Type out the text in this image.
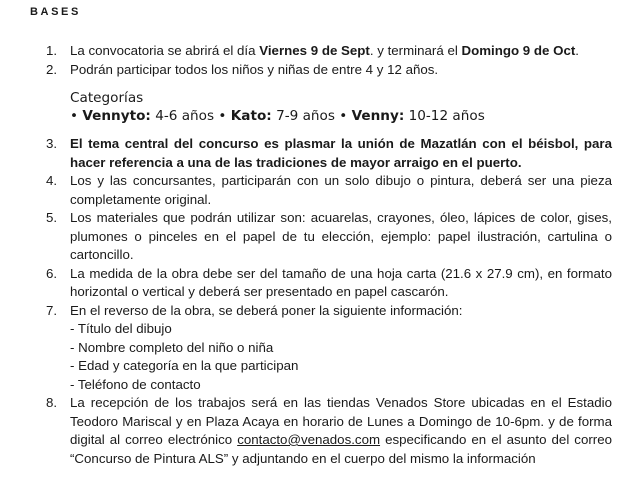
BASES
1. La convocatoria se abrirá el día Viernes 9 de Sept. y terminará el Domingo 9 de Oct.
2. Podrán participar todos los niños y niñas de entre 4 y 12 años.
Categorías
• Vennyto: 4-6 años • Kato: 7-9 años • Venny: 10-12 años
3. El tema central del concurso es plasmar la unión de Mazatlán con el béisbol, para hacer referencia a una de las tradiciones de mayor arraigo en el puerto.
4. Los y las concursantes, participarán con un solo dibujo o pintura, deberá ser una pieza completamente original.
5. Los materiales que podrán utilizar son: acuarelas, crayones, óleo, lápices de color, gises, plumones o pinceles en el papel de tu elección, ejemplo: papel ilustración, cartulina o cartoncillo.
6. La medida de la obra debe ser del tamaño de una hoja carta (21.6 x 27.9 cm), en formato horizontal o vertical y deberá ser presentado en papel cascarón.
7. En el reverso de la obra, se deberá poner la siguiente información:
- Título del dibujo
- Nombre completo del niño o niña
- Edad y categoría en la que participan
- Teléfono de contacto
8. La recepción de los trabajos será en las tiendas Venados Store ubicadas en el Estadio Teodoro Mariscal y en Plaza Acaya en horario de Lunes a Domingo de 10-6pm. y de forma digital al correo electrónico contacto@venados.com especificando en el asunto del correo “Concurso de Pintura ALS” y adjuntando en el cuerpo del mismo la información
